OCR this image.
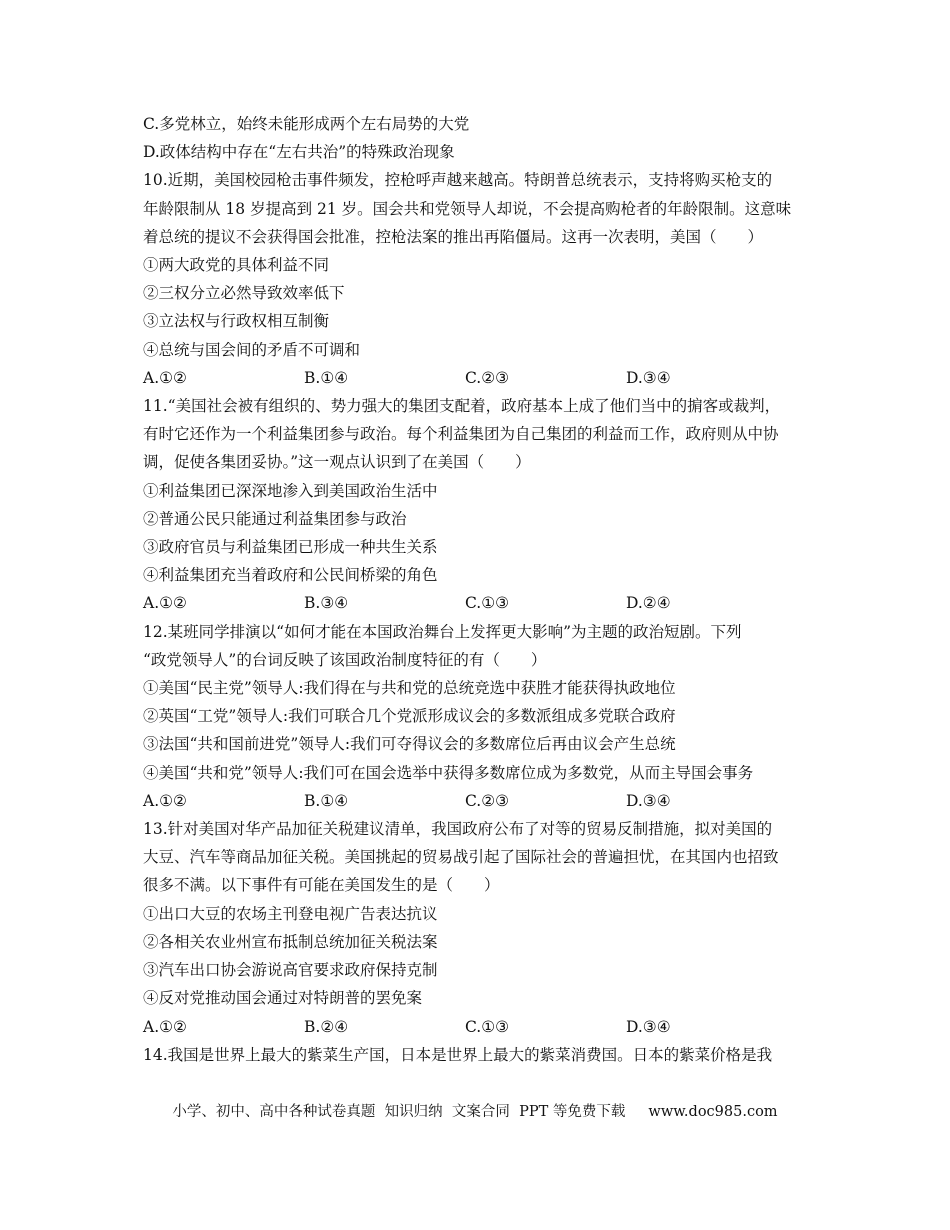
C.多党林立，始终未能形成两个左右局势的大党
D.政体结构中存在“左右共治”的特殊政治现象
10.近期，美国校园枪击事件频发，控枪呼声越来越高。特朗普总统表示，支持将购买枪支的
年龄限制从 18 岁提高到 21 岁。国会共和党领导人却说，不会提高购枪者的年龄限制。这意味
着总统的提议不会获得国会批准，控枪法案的推出再陷僵局。这再一次表明，美国（　　）
①两大政党的具体利益不同
②三权分立必然导致效率低下
③立法权与行政权相互制衡
④总统与国会间的矛盾不可调和
A.①②	B.①④	C.②③	D.③④
11.“美国社会被有组织的、势力强大的集团支配着，政府基本上成了他们当中的掮客或裁判，
有时它还作为一个利益集团参与政治。每个利益集团为自己集团的利益而工作，政府则从中协
调，促使各集团妥协。”这一观点认识到了在美国（　　）
①利益集团已深深地渗入到美国政治生活中
②普通公民只能通过利益集团参与政治
③政府官员与利益集团已形成一种共生关系
④利益集团充当着政府和公民间桥梁的角色
A.①②	B.③④	C.①③	D.②④
12.某班同学排演以“如何才能在本国政治舞台上发挥更大影响”为主题的政治短剧。下列
“政党领导人”的台词反映了该国政治制度特征的有（　　）
①美国“民主党”领导人:我们得在与共和党的总统竞选中获胜才能获得执政地位
②英国“工党”领导人:我们可联合几个党派形成议会的多数派组成多党联合政府
③法国“共和国前进党”领导人:我们可夺得议会的多数席位后再由议会产生总统
④美国“共和党”领导人:我们可在国会选举中获得多数席位成为多数党，从而主导国会事务
A.①②	B.①④	C.②③	D.③④
13.针对美国对华产品加征关税建议清单，我国政府公布了对等的贸易反制措施，拟对美国的
大豆、汽车等商品加征关税。美国挑起的贸易战引起了国际社会的普遍担忧，在其国内也招致
很多不满。以下事件有可能在美国发生的是（　　）
①出口大豆的农场主刊登电视广告表达抗议
②各相关农业州宣布抵制总统加征关税法案
③汽车出口协会游说高官要求政府保持克制
④反对党推动国会通过对特朗普的罢免案
A.①②	B.②④	C.①③	D.③④
14.我国是世界上最大的紫菜生产国，日本是世界上最大的紫菜消费国。日本的紫菜价格是我
小学、初中、高中各种试卷真题  知识归纳  文案合同  PPT 等免费下载     www.doc985.com
